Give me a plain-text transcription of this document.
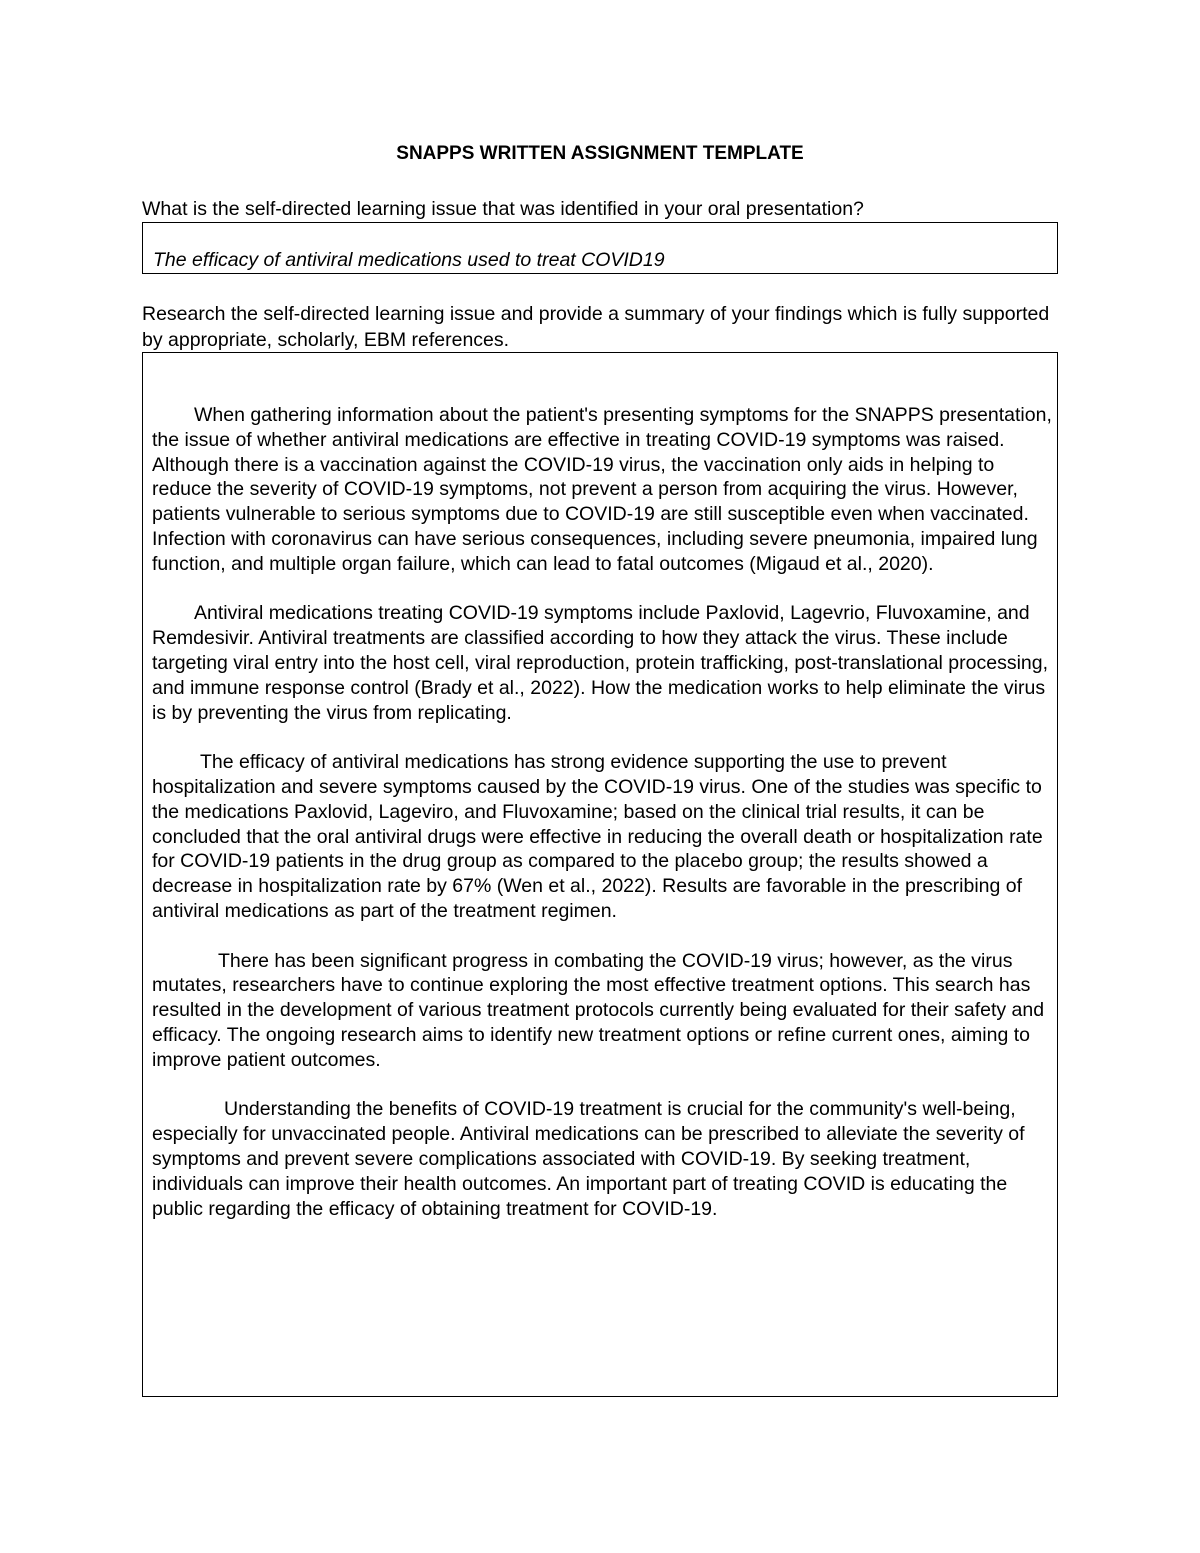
SNAPPS WRITTEN ASSIGNMENT TEMPLATE
What is the self-directed learning issue that was identified in your oral presentation?
The efficacy of antiviral medications used to treat COVID19
Research the self-directed learning issue and provide a summary of your findings which is fully supported by appropriate, scholarly, EBM references.

When gathering information about the patient's presenting symptoms for the SNAPPS presentation, the issue of whether antiviral medications are effective in treating COVID-19 symptoms was raised. Although there is a vaccination against the COVID-19 virus, the vaccination only aids in helping to reduce the severity of COVID-19 symptoms, not prevent a person from acquiring the virus. However, patients vulnerable to serious symptoms due to COVID-19 are still susceptible even when vaccinated. Infection with coronavirus can have serious consequences, including severe pneumonia, impaired lung function, and multiple organ failure, which can lead to fatal outcomes (Migaud et al., 2020).

Antiviral medications treating COVID-19 symptoms include Paxlovid, Lagevrio, Fluvoxamine, and Remdesivir. Antiviral treatments are classified according to how they attack the virus. These include targeting viral entry into the host cell, viral reproduction, protein trafficking, post-translational processing, and immune response control (Brady et al., 2022). How the medication works to help eliminate the virus is by preventing the virus from replicating.

The efficacy of antiviral medications has strong evidence supporting the use to prevent hospitalization and severe symptoms caused by the COVID-19 virus. One of the studies was specific to the medications Paxlovid, Lageviro, and Fluvoxamine; based on the clinical trial results, it can be concluded that the oral antiviral drugs were effective in reducing the overall death or hospitalization rate for COVID-19 patients in the drug group as compared to the placebo group; the results showed a decrease in hospitalization rate by 67% (Wen et al., 2022). Results are favorable in the prescribing of antiviral medications as part of the treatment regimen.

There has been significant progress in combating the COVID-19 virus; however, as the virus mutates, researchers have to continue exploring the most effective treatment options. This search has resulted in the development of various treatment protocols currently being evaluated for their safety and efficacy. The ongoing research aims to identify new treatment options or refine current ones, aiming to improve patient outcomes.

Understanding the benefits of COVID-19 treatment is crucial for the community's well-being, especially for unvaccinated people. Antiviral medications can be prescribed to alleviate the severity of symptoms and prevent severe complications associated with COVID-19. By seeking treatment, individuals can improve their health outcomes. An important part of treating COVID is educating the public regarding the efficacy of obtaining treatment for COVID-19.
